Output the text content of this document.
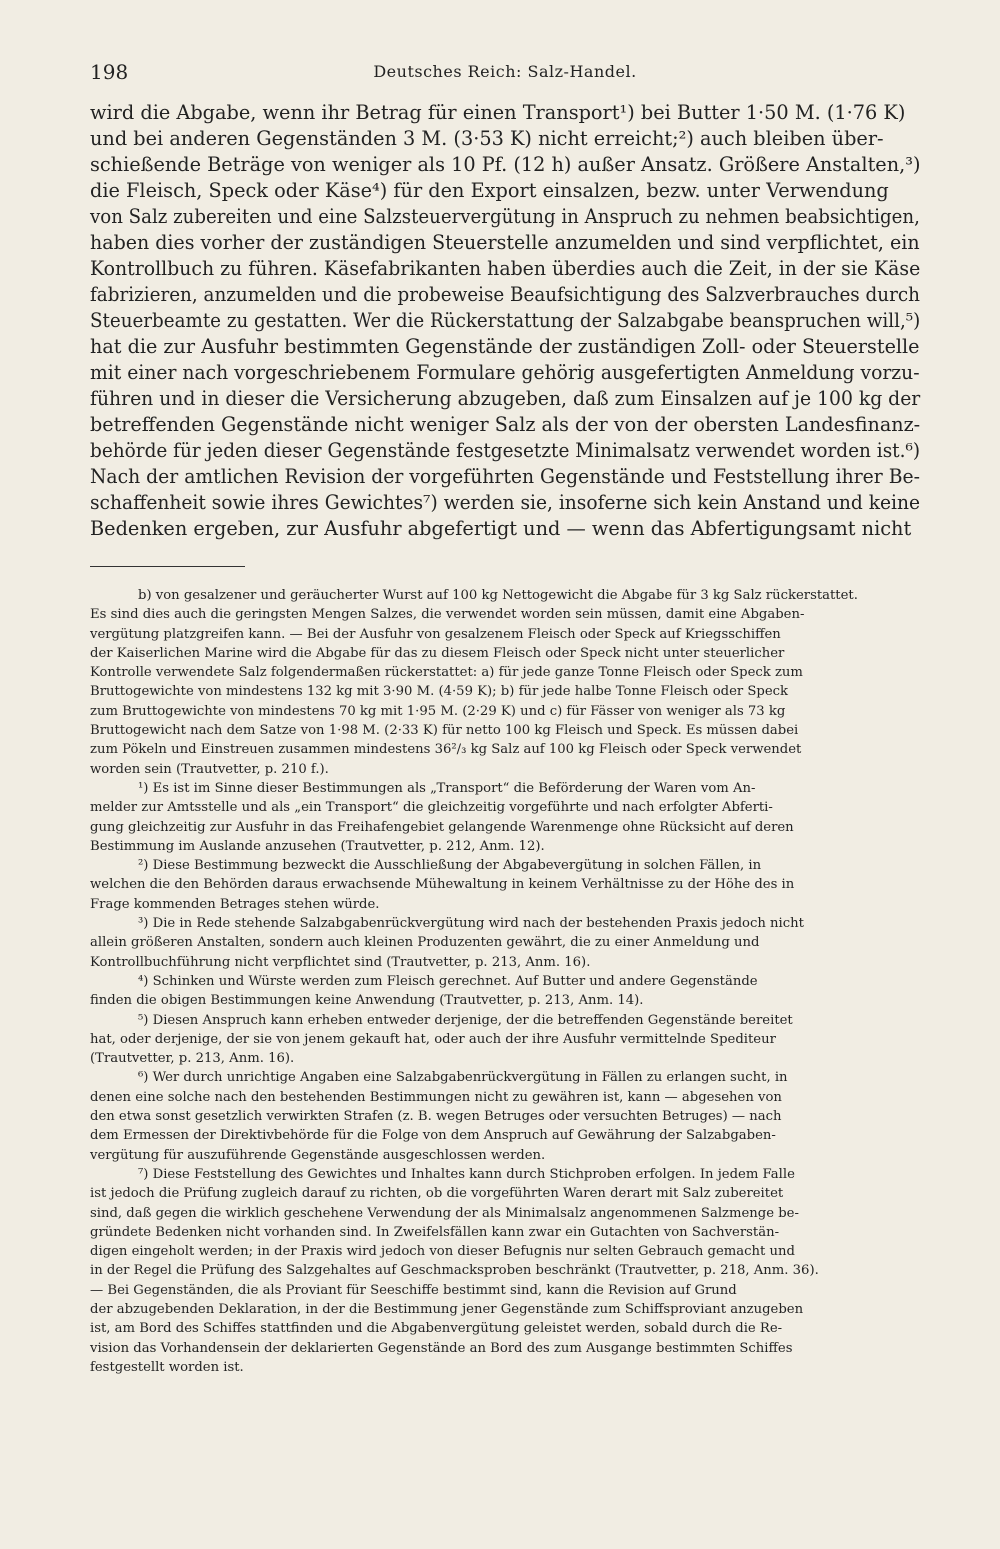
198	Deutsches Reich: Salz-Handel.
wird die Abgabe, wenn ihr Betrag für einen Transport¹) bei Butter 1·50 M. (1·76 K)
und bei anderen Gegenständen 3 M. (3·53 K) nicht erreicht;²) auch bleiben über-
schießende Beträge von weniger als 10 Pf. (12 h) außer Ansatz. Größere Anstalten,³)
die Fleisch, Speck oder Käse⁴) für den Export einsalzen, bezw. unter Verwendung
von Salz zubereiten und eine Salzsteuervergütung in Anspruch zu nehmen beabsichtigen,
haben dies vorher der zuständigen Steuerstelle anzumelden und sind verpflichtet, ein
Kontrollbuch zu führen. Käsefabrikanten haben überdies auch die Zeit, in der sie Käse
fabrizieren, anzumelden und die probeweise Beaufsichtigung des Salzverbrauches durch
Steuerbeamte zu gestatten. Wer die Rückerstattung der Salzabgabe beanspruchen will,⁵)
hat die zur Ausfuhr bestimmten Gegenstände der zuständigen Zoll- oder Steuerstelle
mit einer nach vorgeschriebenem Formulare gehörig ausgefertigten Anmeldung vorzu-
führen und in dieser die Versicherung abzugeben, daß zum Einsalzen auf je 100 kg der
betreffenden Gegenstände nicht weniger Salz als der von der obersten Landesfinanz-
behörde für jeden dieser Gegenstände festgesetzte Minimalsatz verwendet worden ist.⁶)
Nach der amtlichen Revision der vorgeführten Gegenstände und Feststellung ihrer Be-
schaffenheit sowie ihres Gewichtes⁷) werden sie, insoferne sich kein Anstand und keine
Bedenken ergeben, zur Ausfuhr abgefertigt und — wenn das Abfertigungsamt nicht
b) von gesalzener und geräucherter Wurst auf 100 kg Nettogewicht die Abgabe für 3 kg Salz rückerstattet.
Es sind dies auch die geringsten Mengen Salzes, die verwendet worden sein müssen, damit eine Abgaben-
vergütung platzgreifen kann. — Bei der Ausfuhr von gesalzenem Fleisch oder Speck auf Kriegsschiffen
der Kaiserlichen Marine wird die Abgabe für das zu diesem Fleisch oder Speck nicht unter steuerlicher
Kontrolle verwendete Salz folgendermaßen rückerstattet: a) für jede ganze Tonne Fleisch oder Speck zum
Bruttogewichte von mindestens 132 kg mit 3·90 M. (4·59 K); b) für jede halbe Tonne Fleisch oder Speck
zum Bruttogewichte von mindestens 70 kg mit 1·95 M. (2·29 K) und c) für Fässer von weniger als 73 kg
Bruttogewicht nach dem Satze von 1·98 M. (2·33 K) für netto 100 kg Fleisch und Speck. Es müssen dabei
zum Pökeln und Einstreuen zusammen mindestens 36²/₃ kg Salz auf 100 kg Fleisch oder Speck verwendet
worden sein (Trautvetter, p. 210 f.).
¹) Es ist im Sinne dieser Bestimmungen als „Transport“ die Beförderung der Waren vom An-
melder zur Amtsstelle und als „ein Transport“ die gleichzeitig vorgeführte und nach erfolgter Abferti-
gung gleichzeitig zur Ausfuhr in das Freihafengebiet gelangende Warenmenge ohne Rücksicht auf deren
Bestimmung im Auslande anzusehen (Trautvetter, p. 212, Anm. 12).
²) Diese Bestimmung bezweckt die Ausschließung der Abgabevergütung in solchen Fällen, in
welchen die den Behörden daraus erwachsende Mühewaltung in keinem Verhältnisse zu der Höhe des in
Frage kommenden Betrages stehen würde.
³) Die in Rede stehende Salzabgabenrückvergütung wird nach der bestehenden Praxis jedoch nicht
allein größeren Anstalten, sondern auch kleinen Produzenten gewährt, die zu einer Anmeldung und
Kontrollbuchführung nicht verpflichtet sind (Trautvetter, p. 213, Anm. 16).
⁴) Schinken und Würste werden zum Fleisch gerechnet. Auf Butter und andere Gegenstände
finden die obigen Bestimmungen keine Anwendung (Trautvetter, p. 213, Anm. 14).
⁵) Diesen Anspruch kann erheben entweder derjenige, der die betreffenden Gegenstände bereitet
hat, oder derjenige, der sie von jenem gekauft hat, oder auch der ihre Ausfuhr vermittelnde Spediteur
(Trautvetter, p. 213, Anm. 16).
⁶) Wer durch unrichtige Angaben eine Salzabgabenrückvergütung in Fällen zu erlangen sucht, in
denen eine solche nach den bestehenden Bestimmungen nicht zu gewähren ist, kann — abgesehen von
den etwa sonst gesetzlich verwirkten Strafen (z. B. wegen Betruges oder versuchten Betruges) — nach
dem Ermessen der Direktivbehörde für die Folge von dem Anspruch auf Gewährung der Salzabgaben-
vergütung für auszuführende Gegenstände ausgeschlossen werden.
⁷) Diese Feststellung des Gewichtes und Inhaltes kann durch Stichproben erfolgen. In jedem Falle
ist jedoch die Prüfung zugleich darauf zu richten, ob die vorgeführten Waren derart mit Salz zubereitet
sind, daß gegen die wirklich geschehene Verwendung der als Minimalsalz angenommenen Salzmenge be-
gründete Bedenken nicht vorhanden sind. In Zweifelsfällen kann zwar ein Gutachten von Sachverstän-
digen eingeholt werden; in der Praxis wird jedoch von dieser Befugnis nur selten Gebrauch gemacht und
in der Regel die Prüfung des Salzgehaltes auf Geschmacksproben beschränkt (Trautvetter, p. 218, Anm. 36).
— Bei Gegenständen, die als Proviant für Seeschiffe bestimmt sind, kann die Revision auf Grund
der abzugebenden Deklaration, in der die Bestimmung jener Gegenstände zum Schiffsproviant anzugeben
ist, am Bord des Schiffes stattfinden und die Abgabenvergütung geleistet werden, sobald durch die Re-
vision das Vorhandensein der deklarierten Gegenstände an Bord des zum Ausgange bestimmten Schiffes
festgestellt worden ist.
